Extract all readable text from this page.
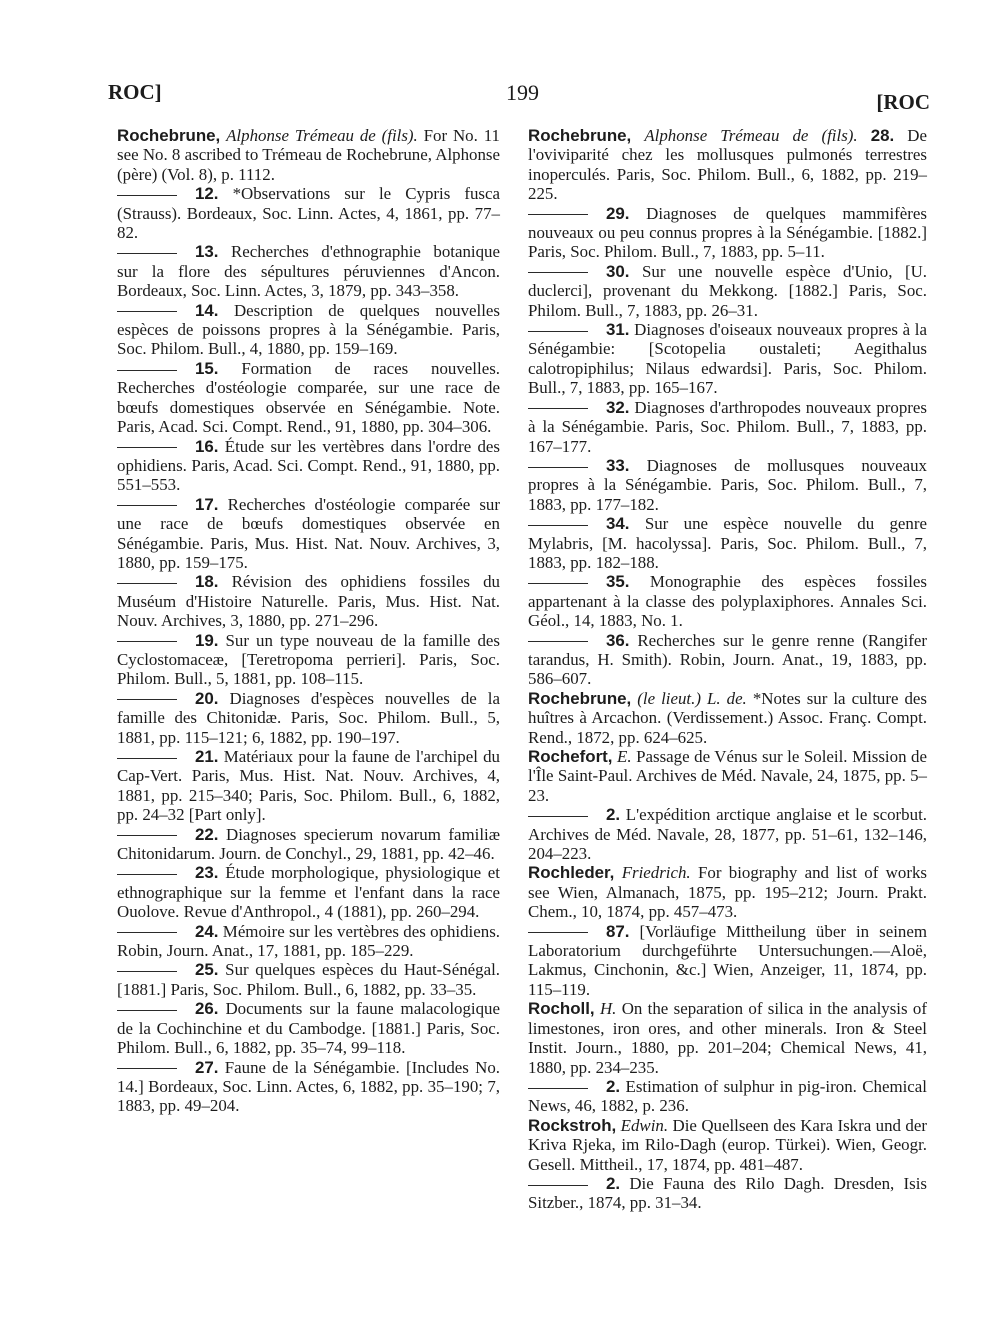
ROC]	199	[ROC
Rochebrune, Alphonse Trémeau de (fils). For No. 11 see No. 8 ascribed to Trémeau de Rochebrune, Alphonse (père) (Vol. 8), p. 1112.
12. *Observations sur le Cypris fusca (Strauss). Bordeaux, Soc. Linn. Actes, 4, 1861, pp. 77–82.
13. Recherches d'ethnographie botanique sur la flore des sépultures péruviennes d'Ancon. Bordeaux, Soc. Linn. Actes, 3, 1879, pp. 343–358.
14. Description de quelques nouvelles espèces de poissons propres à la Sénégambie. Paris, Soc. Philom. Bull., 4, 1880, pp. 159–169.
15. Formation de races nouvelles. Recherches d'ostéologie comparée, sur une race de bœufs domestiques observée en Sénégambie. Note. Paris, Acad. Sci. Compt. Rend., 91, 1880, pp. 304–306.
16. Étude sur les vertèbres dans l'ordre des ophidiens. Paris, Acad. Sci. Compt. Rend., 91, 1880, pp. 551–553.
17. Recherches d'ostéologie comparée sur une race de bœufs domestiques observée en Sénégambie. Paris, Mus. Hist. Nat. Nouv. Archives, 3, 1880, pp. 159–175.
18. Révision des ophidiens fossiles du Muséum d'Histoire Naturelle. Paris, Mus. Hist. Nat. Nouv. Archives, 3, 1880, pp. 271–296.
19. Sur un type nouveau de la famille des Cyclostomaceæ, [Teretropoma perrieri]. Paris, Soc. Philom. Bull., 5, 1881, pp. 108–115.
20. Diagnoses d'espèces nouvelles de la famille des Chitonidæ. Paris, Soc. Philom. Bull., 5, 1881, pp. 115–121; 6, 1882, pp. 190–197.
21. Matériaux pour la faune de l'archipel du Cap-Vert. Paris, Mus. Hist. Nat. Nouv. Archives, 4, 1881, pp. 215–340; Paris, Soc. Philom. Bull., 6, 1882, pp. 24–32 [Part only].
22. Diagnoses specierum novarum familiæ Chitonidarum. Journ. de Conchyl., 29, 1881, pp. 42–46.
23. Étude morphologique, physiologique et ethnographique sur la femme et l'enfant dans la race Ouolove. Revue d'Anthropol., 4 (1881), pp. 260–294.
24. Mémoire sur les vertèbres des ophidiens. Robin, Journ. Anat., 17, 1881, pp. 185–229.
25. Sur quelques espèces du Haut-Sénégal. [1881.] Paris, Soc. Philom. Bull., 6, 1882, pp. 33–35.
26. Documents sur la faune malacologique de la Cochinchine et du Cambodge. [1881.] Paris, Soc. Philom. Bull., 6, 1882, pp. 35–74, 99–118.
27. Faune de la Sénégambie. [Includes No. 14.] Bordeaux, Soc. Linn. Actes, 6, 1882, pp. 35–190; 7, 1883, pp. 49–204.
Rochebrune, Alphonse Trémeau de (fils). 28. De l'oviviparité chez les mollusques pulmonés terrestres inoperculés. Paris, Soc. Philom. Bull., 6, 1882, pp. 219–225.
29. Diagnoses de quelques mammifères nouveaux ou peu connus propres à la Sénégambie. [1882.] Paris, Soc. Philom. Bull., 7, 1883, pp. 5–11.
30. Sur une nouvelle espèce d'Unio, [U. duclerci], provenant du Mekkong. [1882.] Paris, Soc. Philom. Bull., 7, 1883, pp. 26–31.
31. Diagnoses d'oiseaux nouveaux propres à la Sénégambie: [Scotopelia oustaleti; Aegithalus calotropiphilus; Nilaus edwardsi]. Paris, Soc. Philom. Bull., 7, 1883, pp. 165–167.
32. Diagnoses d'arthropodes nouveaux propres à la Sénégambie. Paris, Soc. Philom. Bull., 7, 1883, pp. 167–177.
33. Diagnoses de mollusques nouveaux propres à la Sénégambie. Paris, Soc. Philom. Bull., 7, 1883, pp. 177–182.
34. Sur une espèce nouvelle du genre Mylabris, [M. hacolyssa]. Paris, Soc. Philom. Bull., 7, 1883, pp. 182–188.
35. Monographie des espèces fossiles appartenant à la classe des polyplaxiphores. Annales Sci. Géol., 14, 1883, No. 1.
36. Recherches sur le genre renne (Rangifer tarandus, H. Smith). Robin, Journ. Anat., 19, 1883, pp. 586–607.
Rochebrune, (le lieut.) L. de. *Notes sur la culture des huîtres à Arcachon. (Verdissement.) Assoc. Franç. Compt. Rend., 1872, pp. 624–625.
Rochefort, E. Passage de Vénus sur le Soleil. Mission de l'Île Saint-Paul. Archives de Méd. Navale, 24, 1875, pp. 5–23.
2. L'expédition arctique anglaise et le scorbut. Archives de Méd. Navale, 28, 1877, pp. 51–61, 132–146, 204–223.
Rochleder, Friedrich. For biography and list of works see Wien, Almanach, 1875, pp. 195–212; Journ. Prakt. Chem., 10, 1874, pp. 457–473.
87. [Vorläufige Mittheilung über in seinem Laboratorium durchgeführte Untersuchungen.—Aloë, Lakmus, Cinchonin, &c.] Wien, Anzeiger, 11, 1874, pp. 115–119.
Rocholl, H. On the separation of silica in the analysis of limestones, iron ores, and other minerals. Iron & Steel Instit. Journ., 1880, pp. 201–204; Chemical News, 41, 1880, pp. 234–235.
2. Estimation of sulphur in pig-iron. Chemical News, 46, 1882, p. 236.
Rockstroh, Edwin. Die Quellseen des Kara Iskra und der Kriva Rjeka, im Rilo-Dagh (europ. Türkei). Wien, Geogr. Gesell. Mittheil., 17, 1874, pp. 481–487.
2. Die Fauna des Rilo Dagh. Dresden, Isis Sitzber., 1874, pp. 31–34.
